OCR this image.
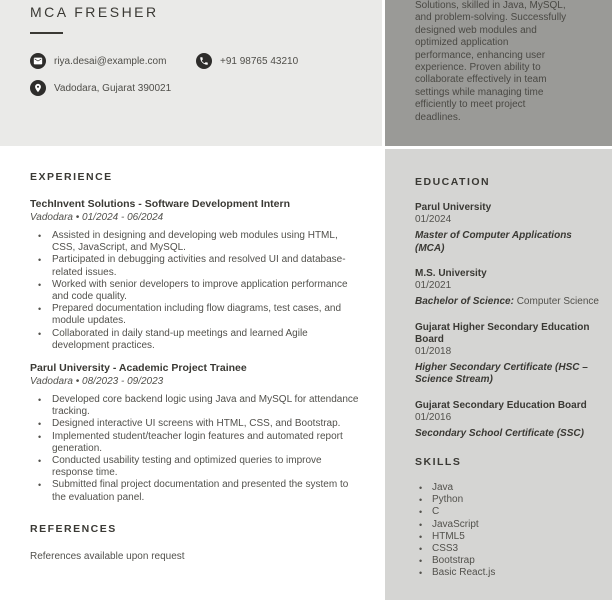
MCA FRESHER
riya.desai@example.com	+91 98765 43210
Vadodara, Gujarat 390021
Solutions, skilled in Java, MySQL,
and problem-solving. Successfully
designed web modules and
optimized application
performance, enhancing user
experience. Proven ability to
collaborate effectively in team
settings while managing time
efficiently to meet project
deadlines.
EXPERIENCE
TechInvent Solutions - Software Development Intern
Vadodara • 01/2024 - 06/2024
• Assisted in designing and developing web modules using HTML, CSS, JavaScript, and MySQL.
• Participated in debugging activities and resolved UI and database-related issues.
• Worked with senior developers to improve application performance and code quality.
• Prepared documentation including flow diagrams, test cases, and module updates.
• Collaborated in daily stand-up meetings and learned Agile development practices.
Parul University - Academic Project Trainee
Vadodara • 08/2023 - 09/2023
• Developed core backend logic using Java and MySQL for attendance tracking.
• Designed interactive UI screens with HTML, CSS, and Bootstrap.
• Implemented student/teacher login features and automated report generation.
• Conducted usability testing and optimized queries to improve response time.
• Submitted final project documentation and presented the system to the evaluation panel.
REFERENCES
References available upon request
EDUCATION
Parul University
01/2024
Master of Computer Applications (MCA)
M.S. University
01/2021
Bachelor of Science: Computer Science
Gujarat Higher Secondary Education Board
01/2018
Higher Secondary Certificate (HSC – Science Stream)
Gujarat Secondary Education Board
01/2016
Secondary School Certificate (SSC)
SKILLS
• Java
• Python
• C
• JavaScript
• HTML5
• CSS3
• Bootstrap
• Basic React.js
